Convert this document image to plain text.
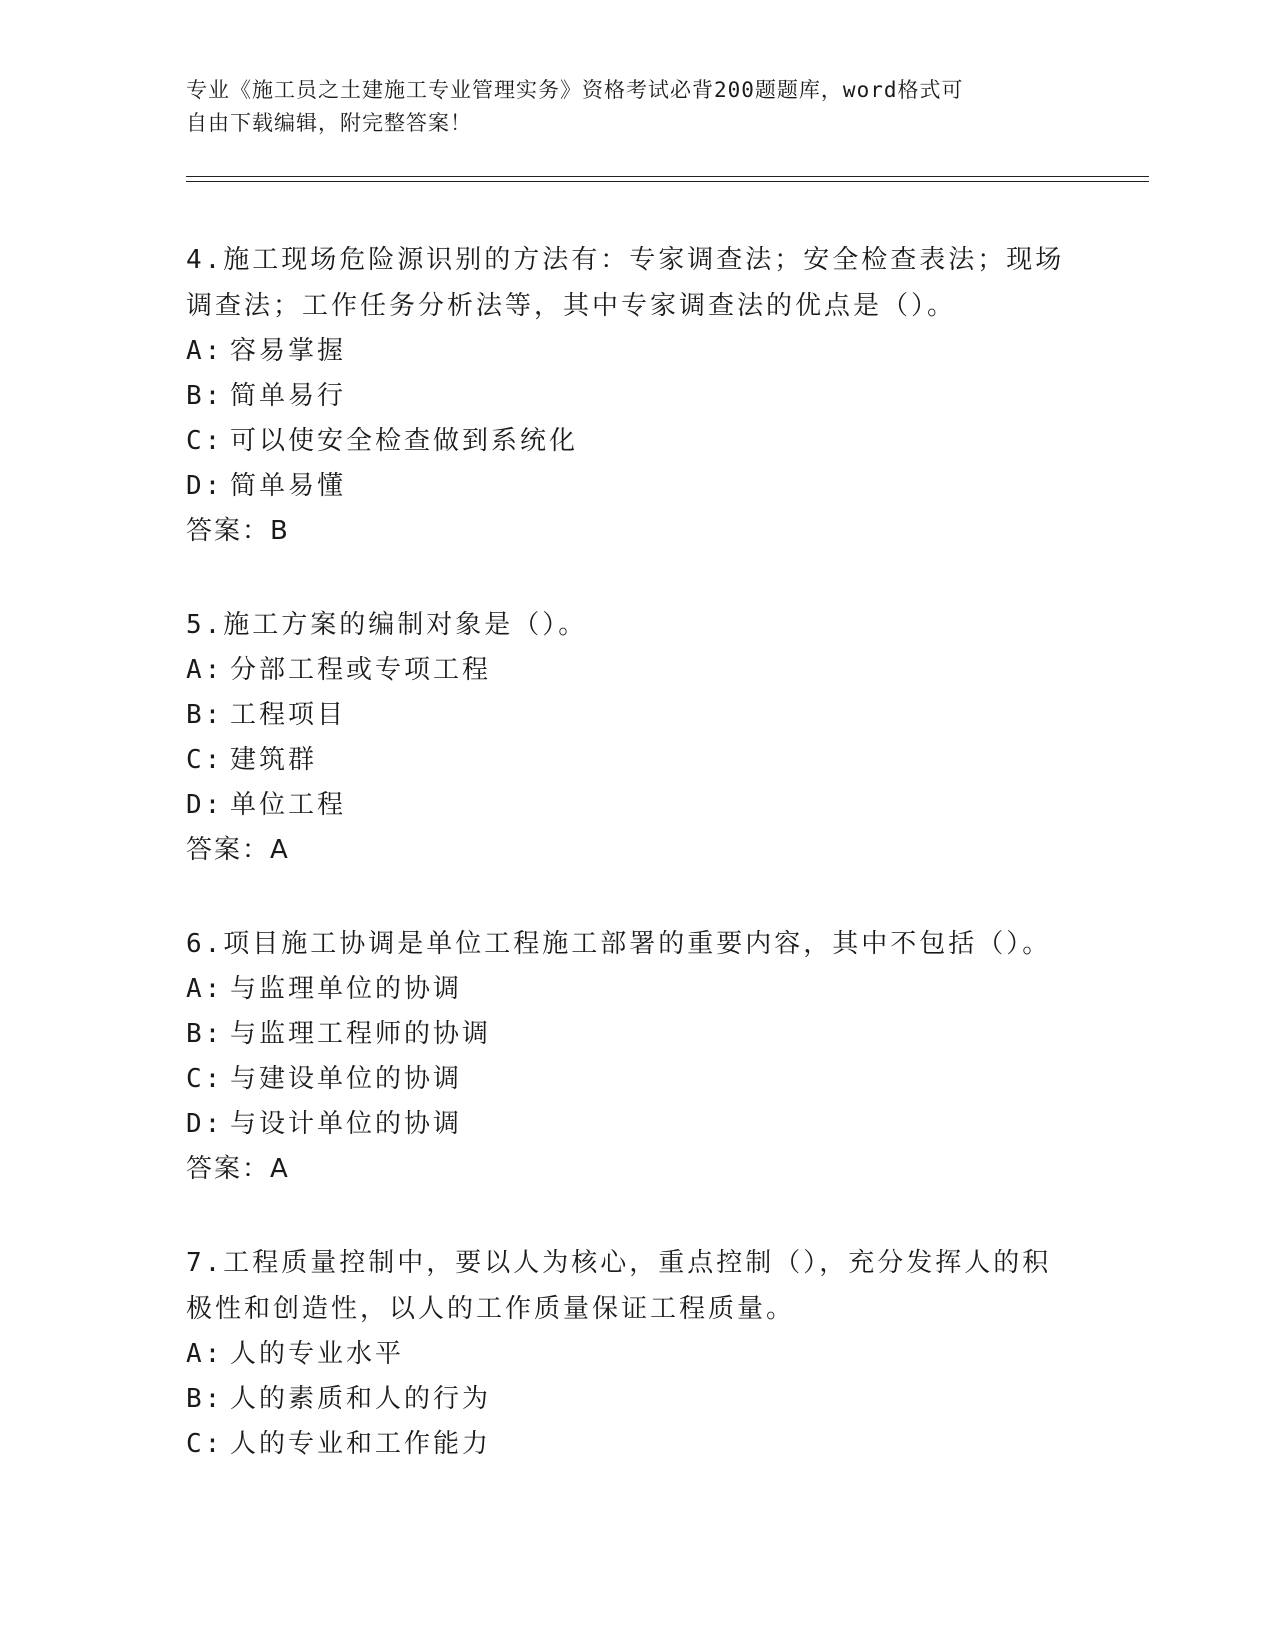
专业《施工员之土建施工专业管理实务》资格考试必背200题题库，word格式可
自由下载编辑，附完整答案！
4.施工现场危险源识别的方法有：专家调查法；安全检查表法；现场调查法；工作任务分析法等，其中专家调查法的优点是（）。
A: 容易掌握
B: 简单易行
C: 可以使安全检查做到系统化
D: 简单易懂
答案：B
5.施工方案的编制对象是（）。
A: 分部工程或专项工程
B: 工程项目
C: 建筑群
D: 单位工程
答案：A
6.项目施工协调是单位工程施工部署的重要内容，其中不包括（）。
A: 与监理单位的协调
B: 与监理工程师的协调
C: 与建设单位的协调
D: 与设计单位的协调
答案：A
7.工程质量控制中，要以人为核心，重点控制（），充分发挥人的积极性和创造性，以人的工作质量保证工程质量。
A: 人的专业水平
B: 人的素质和人的行为
C: 人的专业和工作能力
